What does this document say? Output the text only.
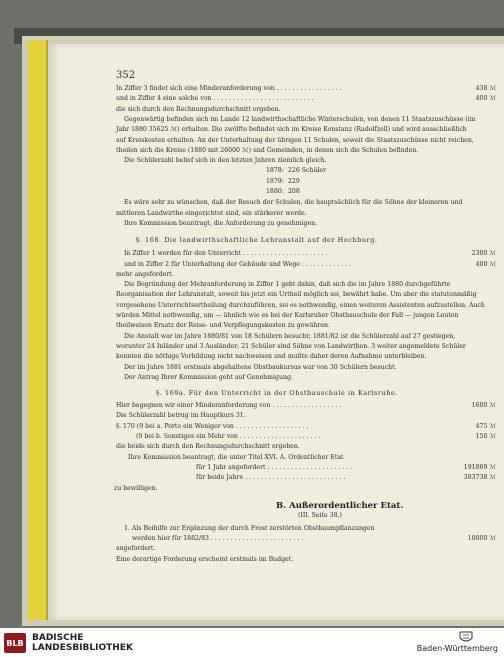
352
In Ziffer 3 findet sich eine Minderanforderung von . . . . . . . . . . . . . . . . .	438 ℳ
und in Ziffer 4 eine solche von . . . . . . . . . . . . . . . . . . . . . . . . . .	400 ℳ
die sich durch den Rechnungsdurchschnitt ergeben.
Gegenwärtig befinden sich im Lande 12 landwirthschaftliche Winterschulen, von denen 11 Staatszuschüsse (im
Jahr 1880 35625 ℳ) erhalten. Die zwölfte befindet sich im Kreise Konstanz (Radolfzell) und wird ausschließlich
auf Kreiskosten erhalten. An der Unterhaltung der übrigen 11 Schulen, soweit die Staatszuschüsse nicht reichen,
theilen sich die Kreise (1880 mit 26000 ℳ) und Gemeinden, in denen sich die Schulen befinden.
Die Schülerzahl belief sich in den letzten Jahren ziemlich gleich.
1878: 226 Schüler
1879: 229
1880: 208
Es wäre sehr zu wünschen, daß der Besuch der Schulen, die hauptsächlich für die Söhne der kleineren und
mittleren Landwirthe eingerichtet sind, ein stärkerer werde.
Ihre Kommission beantragt, die Anforderung zu genehmigen.
§. 168. Die landwirthschaftliche Lehranstalt auf der Hochburg.
In Ziffer 1 werden für den Unterricht . . . . . . . . . . . . . . . . . . . . . .	2300 ℳ
und in Ziffer 2 für Unterhaltung der Gebäude und Wege . . . . . . . . . . . . .	400 ℳ
mehr angefordert.
Die Begründung der Mehranforderung in Ziffer 1 geht dahin, daß sich die im Jahre 1880 durchgeführte
Reorganisation der Lehranstalt, soweit bis jetzt ein Urtheil möglich sei, bewährt habe. Um aber die statutenmäßig
vorgesehene Unterrichtsertheilung durchzuführen, sei es nothwendig, einen weiteren Assistenten aufzustellen. Auch
würden Mittel nothwendig, um — ähnlich wie es bei der Karlsruher Obstbauschule der Fall — jungen Leuten
theilweisen Ersatz der Reise- und Verpflegungskosten zu gewähren.
Die Anstalt war im Jahre 1880/81 von 18 Schülern besucht; 1881/82 ist die Schülerzahl auf 27 gestiegen,
worunter 24 Inländer und 3 Ausländer; 21 Schüler sind Söhne von Landwirthen. 3 weiter angemeldete Schüler
konnten die nöthige Vorbildung nicht nachweisen und mußte daher deren Aufnahme unterbleiben.
Der im Jahre 1881 erstmals abgehaltene Obstbaukursus war von 30 Schülern besucht.
Der Antrag Ihrer Kommission geht auf Genehmigung.
§. 169a. Für den Unterricht in der Obstbauschule in Karlsruhe.
Hier begegnen wir einer Minderanforderung von . . . . . . . . . . . . . . . . . .	1600 ℳ
Die Schülerzahl betrug im Hauptkurs 31.
§. 170 (9 bei a. Porto ein Weniger von . . . . . . . . . . . . . . . . . . .	475 ℳ
(9 bei b. Sonstiges ein Mehr von . . . . . . . . . . . . . . . . . . . . .	150 ℳ
die beide sich durch den Rechnungsdurchschnitt ergeben.
Ihre Kommission beantragt, die unter Titel XVI. A. Ordentlicher Etat
für 1 Jahr angefordert . . . . . . . . . . . . . . . . . . . . . .	191869 ℳ
für beide Jahre . . . . . . . . . . . . . . . . . . . . . . . . . .	383738 ℳ
zu bewilligen.
B. Außerordentlicher Etat.
(III. Seite 38.)
1. Als Beihilfe zur Ergänzung der durch Frost zerstörten Obstbaumpflanzungen
werden hier für 1882/83 . . . . . . . . . . . . . . . . . . . . . . . .	10000 ℳ
angefordert.
Eine derartige Forderung erscheint erstmals im Budget.
BLB BADISCHE
LANDESBIBLIOTHEK	Baden-Württemberg
